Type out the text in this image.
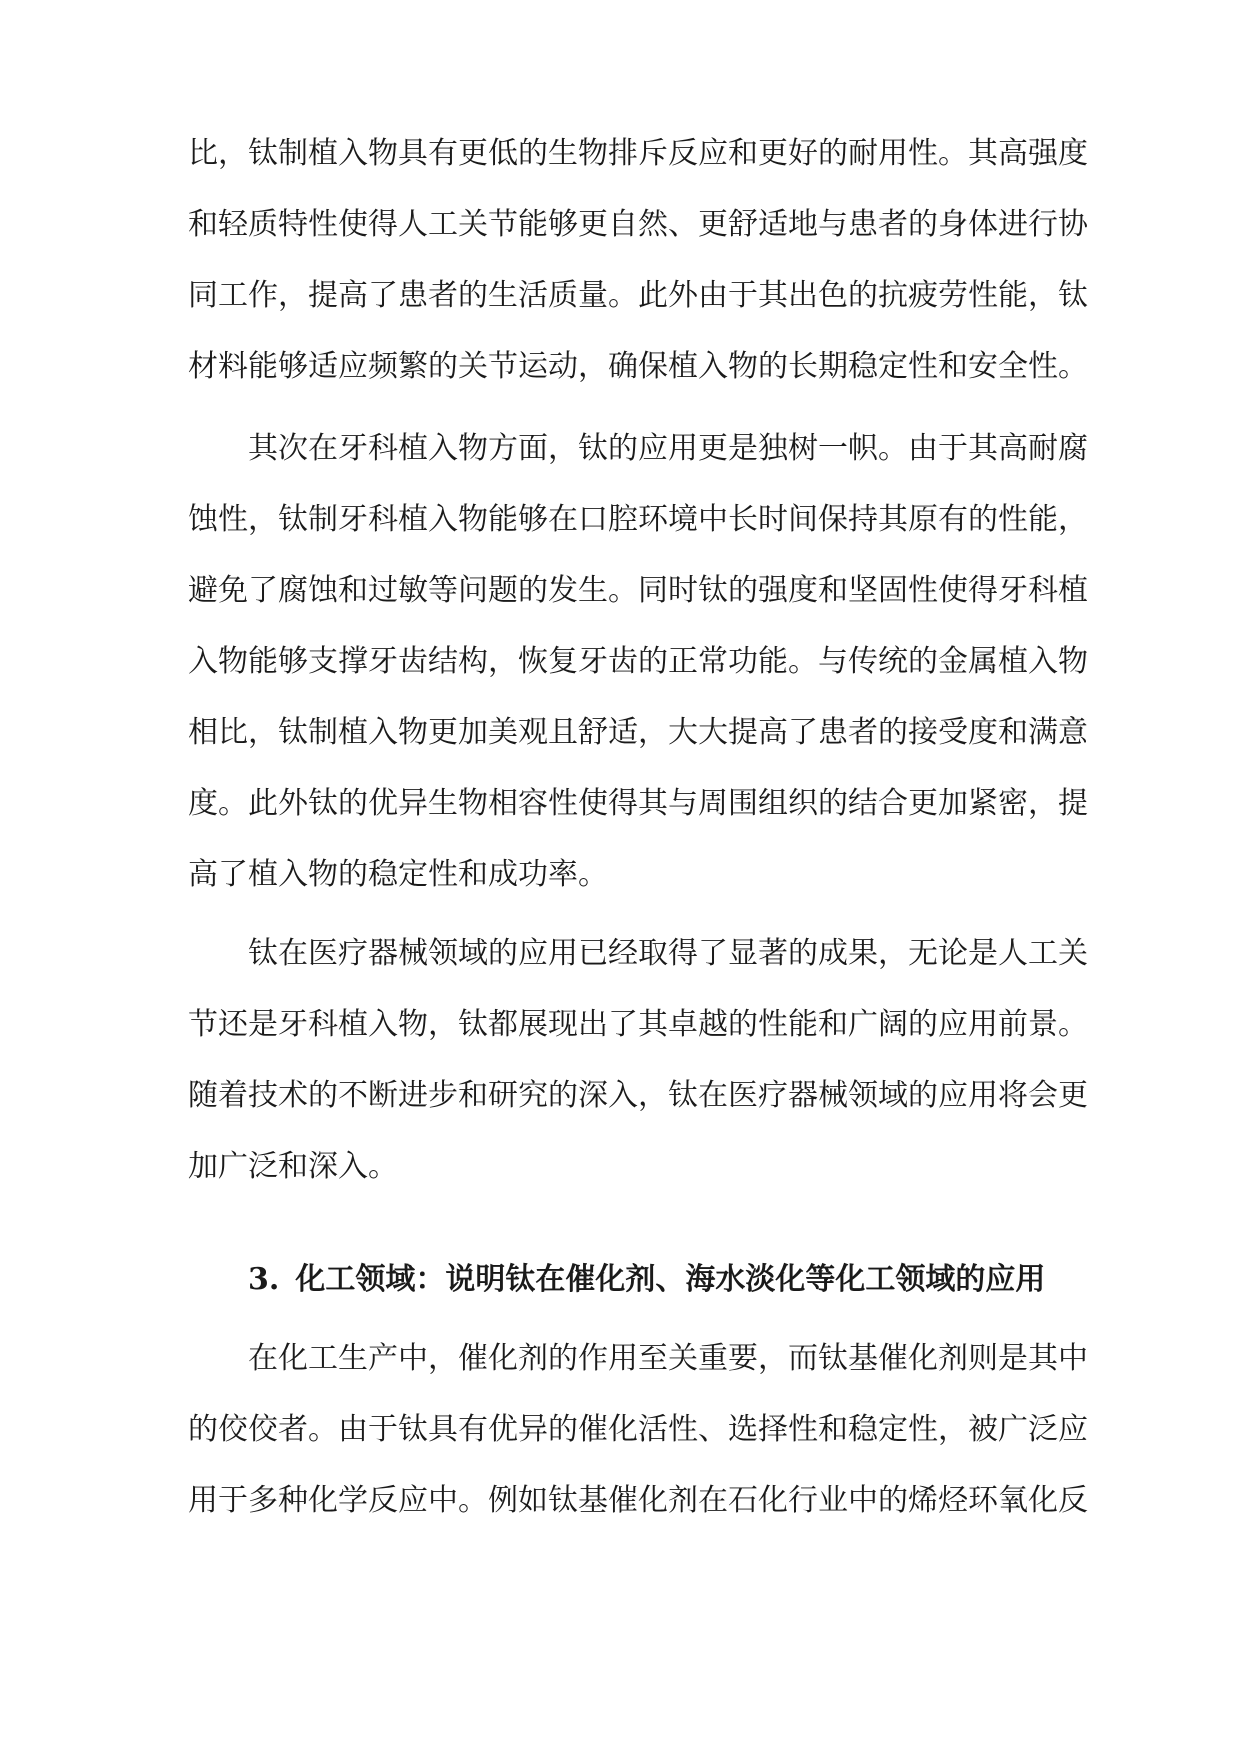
比，钛制植入物具有更低的生物排斥反应和更好的耐用性。其高强度
和轻质特性使得人工关节能够更自然、更舒适地与患者的身体进行协
同工作，提高了患者的生活质量。此外由于其出色的抗疲劳性能，钛
材料能够适应频繁的关节运动，确保植入物的长期稳定性和安全性。
其次在牙科植入物方面，钛的应用更是独树一帜。由于其高耐腐
蚀性，钛制牙科植入物能够在口腔环境中长时间保持其原有的性能，
避免了腐蚀和过敏等问题的发生。同时钛的强度和坚固性使得牙科植
入物能够支撑牙齿结构，恢复牙齿的正常功能。与传统的金属植入物
相比，钛制植入物更加美观且舒适，大大提高了患者的接受度和满意
度。此外钛的优异生物相容性使得其与周围组织的结合更加紧密，提
高了植入物的稳定性和成功率。
钛在医疗器械领域的应用已经取得了显著的成果，无论是人工关
节还是牙科植入物，钛都展现出了其卓越的性能和广阔的应用前景。
随着技术的不断进步和研究的深入，钛在医疗器械领域的应用将会更
加广泛和深入。
3. 化工领域：说明钛在催化剂、海水淡化等化工领域的应用
在化工生产中，催化剂的作用至关重要，而钛基催化剂则是其中
的佼佼者。由于钛具有优异的催化活性、选择性和稳定性，被广泛应
用于多种化学反应中。例如钛基催化剂在石化行业中的烯烃环氧化反
